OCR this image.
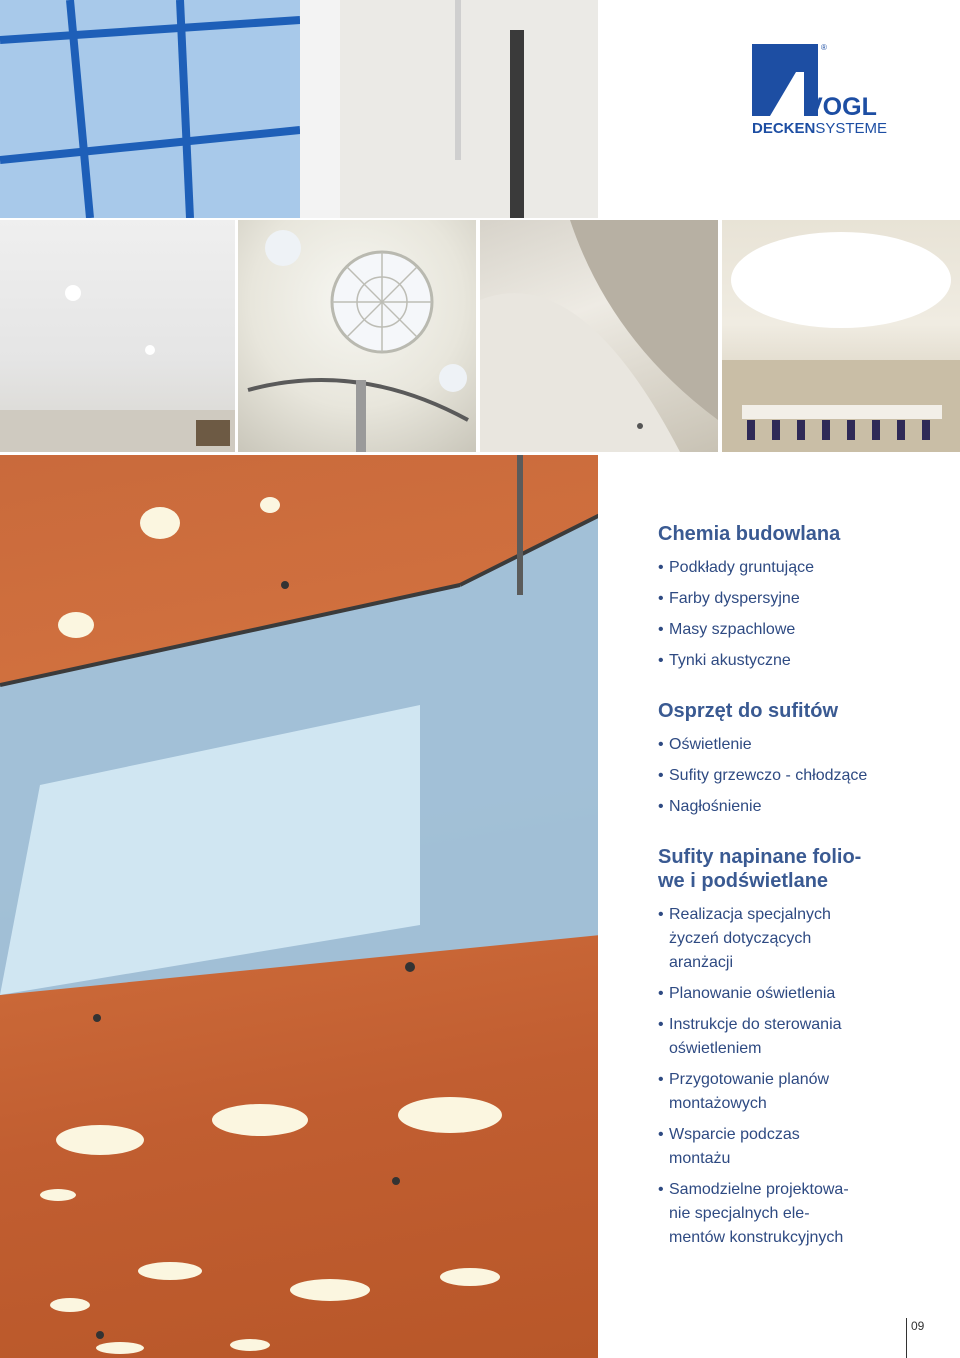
®
VOGL
DECKENSYSTEME
Chemia budowlana
• Podkłady gruntujące
• Farby dyspersyjne
• Masy szpachlowe
• Tynki akustyczne
Osprzęt do sufitów
• Oświetlenie
• Sufity grzewczo - chłodzące
• Nagłośnienie
Sufity napinane folio-
we i podświetlane
• Realizacja specjalnych
życzeń dotyczących
aranżacji
• Planowanie oświetlenia
• Instrukcje do sterowania
oświetleniem
• Przygotowanie planów
montażowych
• Wsparcie podczas
montażu
• Samodzielne projektowa-
nie specjalnych ele-
mentów konstrukcyjnych
09
